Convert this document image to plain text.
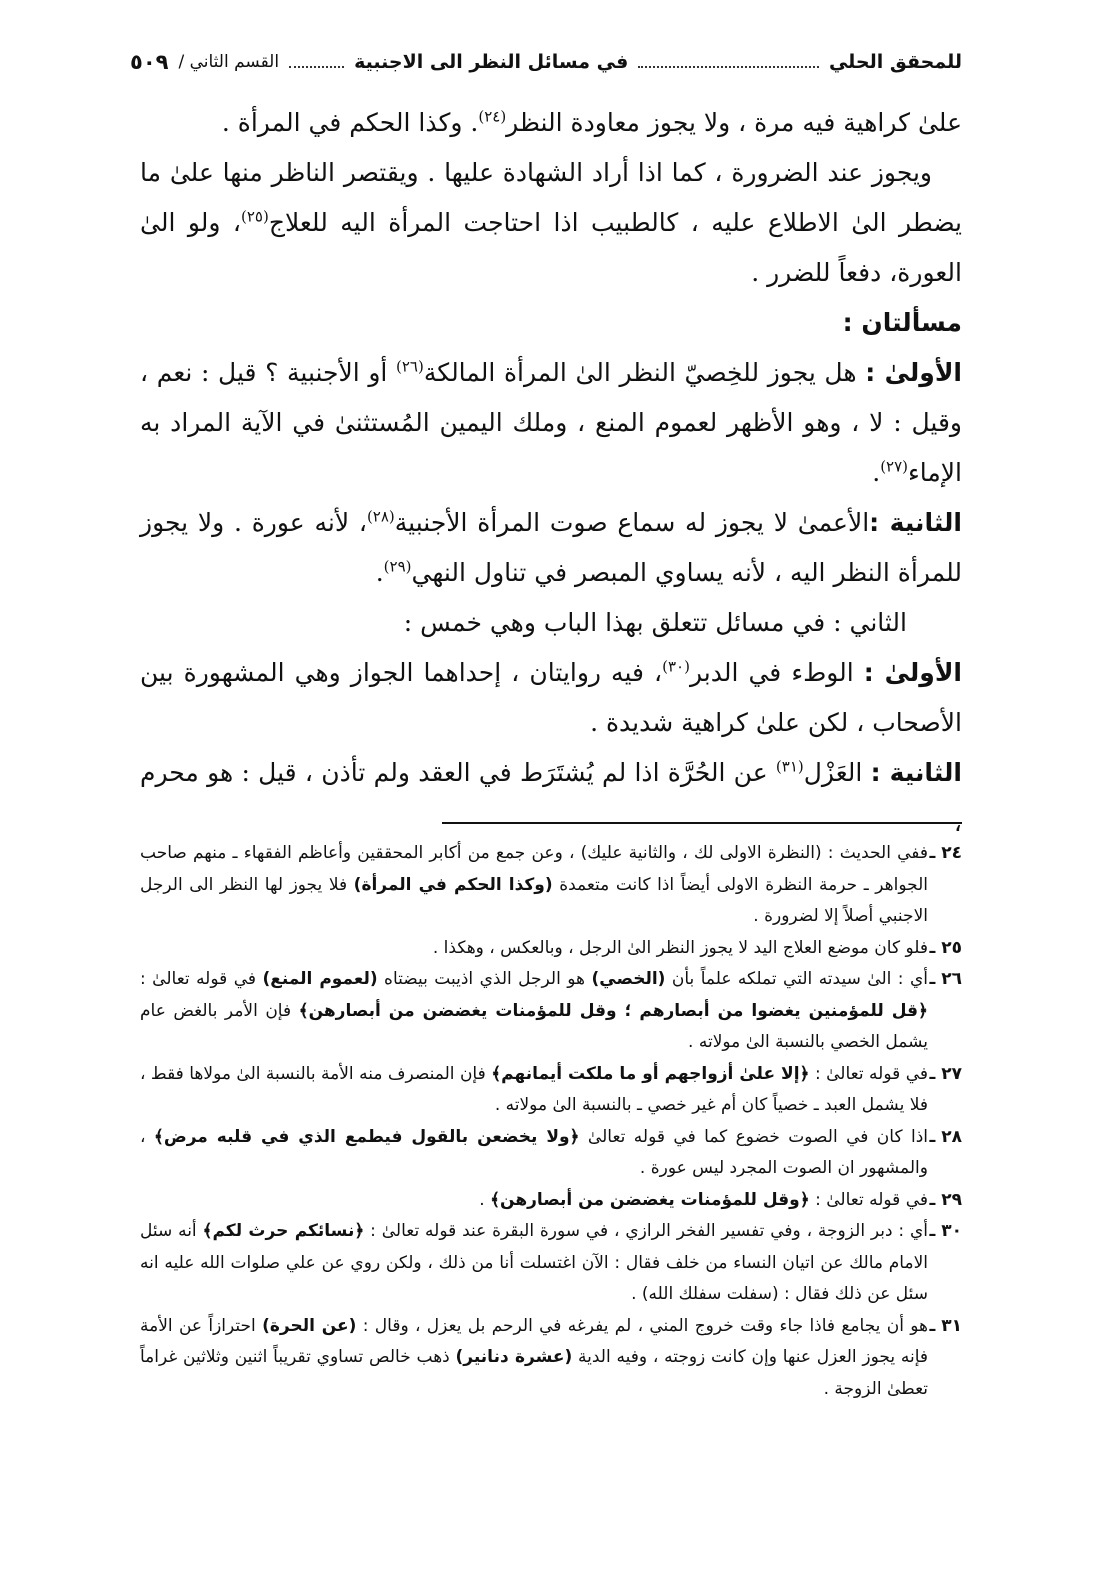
للمحقق الحلي
في مسائل النظر الى الاجنبية
القسم الثاني /
٥٠٩

علىٰ كراهية فيه مرة ، ولا يجوز معاودة النظر$^{(٢٤)}$. وكذا الحكم في المرأة .

ويجوز عند الضرورة ، كما اذا أراد الشهادة عليها . ويقتصر الناظر منها علىٰ ما يضطر الىٰ الاطلاع عليه ، كالطبيب اذا احتاجت المرأة اليه للعلاج$^{(٢٥)}$، ولو الىٰ العورة، دفعاً للضرر .

مسألتان :

الأولىٰ : هل يجوز للخِصيّ النظر الىٰ المرأة المالكة$^{(٢٦)}$ أو الأجنبية ؟ قيل : نعم ، وقيل : لا ، وهو الأظهر لعموم المنع ، وملك اليمين المُستثنىٰ في الآية المراد به الإماء$^{(٢٧)}$.

الثانية :الأعمىٰ لا يجوز له سماع صوت المرأة الأجنبية$^{(٢٨)}$، لأنه عورة . ولا يجوز للمرأة النظر اليه ، لأنه يساوي المبصر في تناول النهي$^{(٢٩)}$.

الثاني : في مسائل تتعلق بهذا الباب وهي خمس :

الأولىٰ : الوطء في الدبر$^{(٣٠)}$، فيه روايتان ، إحداهما الجواز وهي المشهورة بين الأصحاب ، لكن علىٰ كراهية شديدة .

الثانية : العَزْل$^{(٣١)}$ عن الحُرَّة اذا لم يُشتَرَط في العقد ولم تأذن ، قيل : هو محرم ،

٢٤ ـ
ففي الحديث : (النظرة الاولى لك ، والثانية عليك) ، وعن جمع من أكابر المحققين وأعاظم الفقهاء ـ منهم صاحب الجواهر ـ حرمة النظرة الاولى أيضاً اذا كانت متعمدة (وكذا الحكم في المرأة) فلا يجوز لها النظر الى الرجل الاجنبي أصلاً إلا لضرورة .

٢٥ ـ
فلو كان موضع العلاج اليد لا يجوز النظر الىٰ الرجل ، وبالعكس ، وهكذا .

٢٦ ـ
أي : الىٰ سيدته التي تملكه علماً بأن (الخصي) هو الرجل الذي اذيبت بيضتاه (لعموم المنع) في قوله تعالىٰ : ﴿قل للمؤمنين يغضوا من أبصارهم ؛ وقل للمؤمنات يغضضن من أبصارهن﴾ فإن الأمر بالغض عام يشمل الخصي بالنسبة الىٰ مولاته .

٢٧ ـ
في قوله تعالىٰ : ﴿إلا علىٰ أزواجهم أو ما ملكت أيمانهم﴾ فإن المنصرف منه الأمة بالنسبة الىٰ مولاها فقط ، فلا يشمل العبد ـ خصياً كان أم غير خصي ـ بالنسبة الىٰ مولاته .

٢٨ ـ
اذا كان في الصوت خضوع كما في قوله تعالىٰ ﴿ولا يخضعن بالقول فيطمع الذي في قلبه مرض﴾ ، والمشهور ان الصوت المجرد ليس عورة .

٢٩ ـ
في قوله تعالىٰ : ﴿وقل للمؤمنات يغضضن من أبصارهن﴾ .

٣٠ ـ
أي : دبر الزوجة ، وفي تفسير الفخر الرازي ، في سورة البقرة عند قوله تعالىٰ : ﴿نسائكم حرث لكم﴾ أنه سئل الامام مالك عن اتيان النساء من خلف فقال : الآن اغتسلت أنا من ذلك ، ولكن روي عن علي صلوات الله عليه انه سئل عن ذلك فقال : (سفلت سفلك الله) .

٣١ ـ
هو أن يجامع فاذا جاء وقت خروج المني ، لم يفرغه في الرحم بل يعزل ، وقال : (عن الحرة) احترازاً عن الأمة فإنه يجوز العزل عنها وإن كانت زوجته ، وفيه الدية (عشرة دنانير) ذهب خالص تساوي تقريباً اثنين وثلاثين غراماً تعطىٰ الزوجة .
